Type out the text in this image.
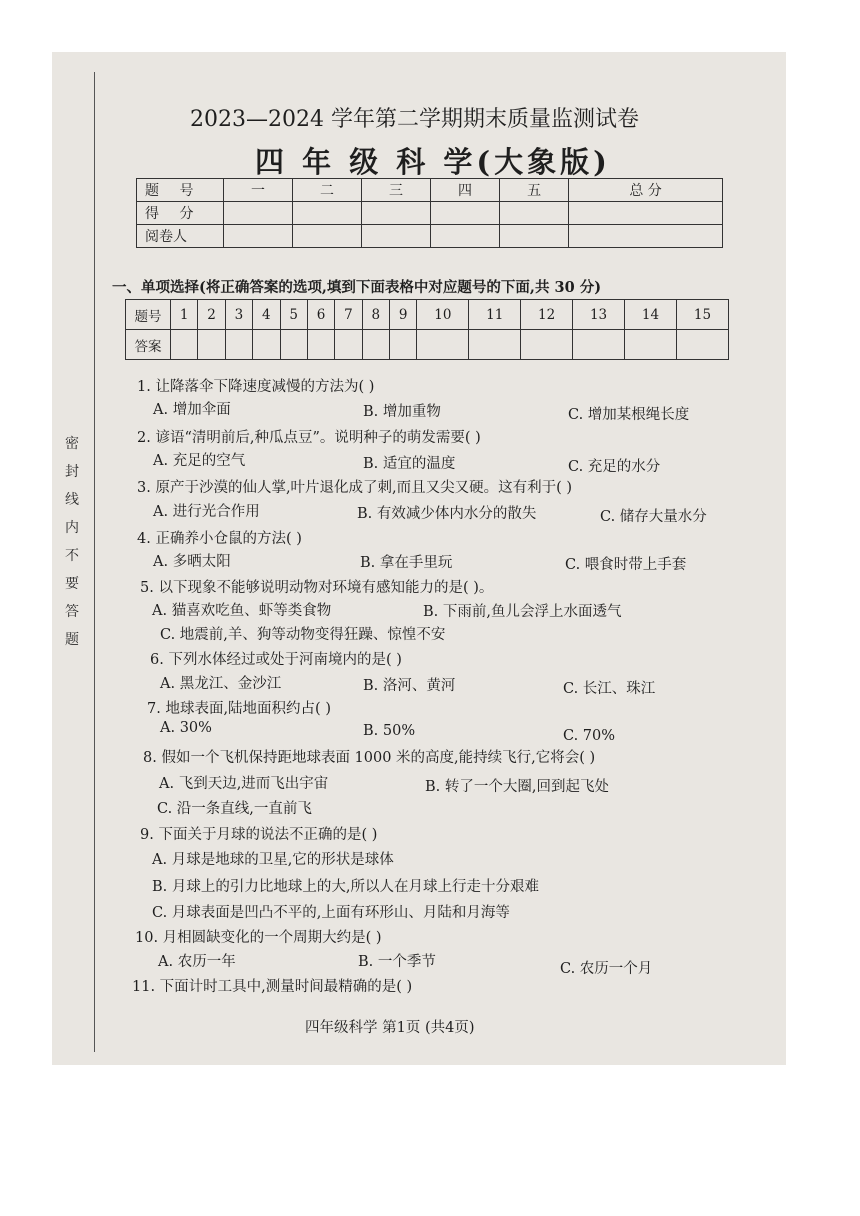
密封线内不要答题
2023—2024 学年第二学期期末质量监测试卷
四 年 级 科 学(大象版)
题 号	一	二	三	四	五	总 分
得 分						
阅卷人						
一、单项选择(将正确答案的选项,填到下面表格中对应题号的下面,共 30 分)
题号	1	2	3	4	5	6	7	8	9	10	11	12	13	14	15
答案															
1. 让降落伞下降速度减慢的方法为( )
A. 增加伞面	B. 增加重物	C. 增加某根绳长度
2. 谚语“清明前后,种瓜点豆”。说明种子的萌发需要( )
A. 充足的空气	B. 适宜的温度	C. 充足的水分
3. 原产于沙漠的仙人掌,叶片退化成了刺,而且又尖又硬。这有利于( )
A. 进行光合作用	B. 有效减少体内水分的散失	C. 储存大量水分
4. 正确养小仓鼠的方法( )
A. 多晒太阳	B. 拿在手里玩	C. 喂食时带上手套
5. 以下现象不能够说明动物对环境有感知能力的是( )。
A. 猫喜欢吃鱼、虾等类食物	B. 下雨前,鱼儿会浮上水面透气
C. 地震前,羊、狗等动物变得狂躁、惊惶不安
6. 下列水体经过或处于河南境内的是( )
A. 黑龙江、金沙江	B. 洛河、黄河	C. 长江、珠江
7. 地球表面,陆地面积约占( )
A. 30%	B. 50%	C. 70%
8. 假如一个飞机保持距地球表面 1000 米的高度,能持续飞行,它将会( )
A. 飞到天边,进而飞出宇宙	B. 转了一个大圈,回到起飞处
C. 沿一条直线,一直前飞
9. 下面关于月球的说法不正确的是( )
A. 月球是地球的卫星,它的形状是球体
B. 月球上的引力比地球上的大,所以人在月球上行走十分艰难
C. 月球表面是凹凸不平的,上面有环形山、月陆和月海等
10. 月相圆缺变化的一个周期大约是( )
A. 农历一年	B. 一个季节	C. 农历一个月
11. 下面计时工具中,测量时间最精确的是( )
四年级科学 第1页 (共4页)
